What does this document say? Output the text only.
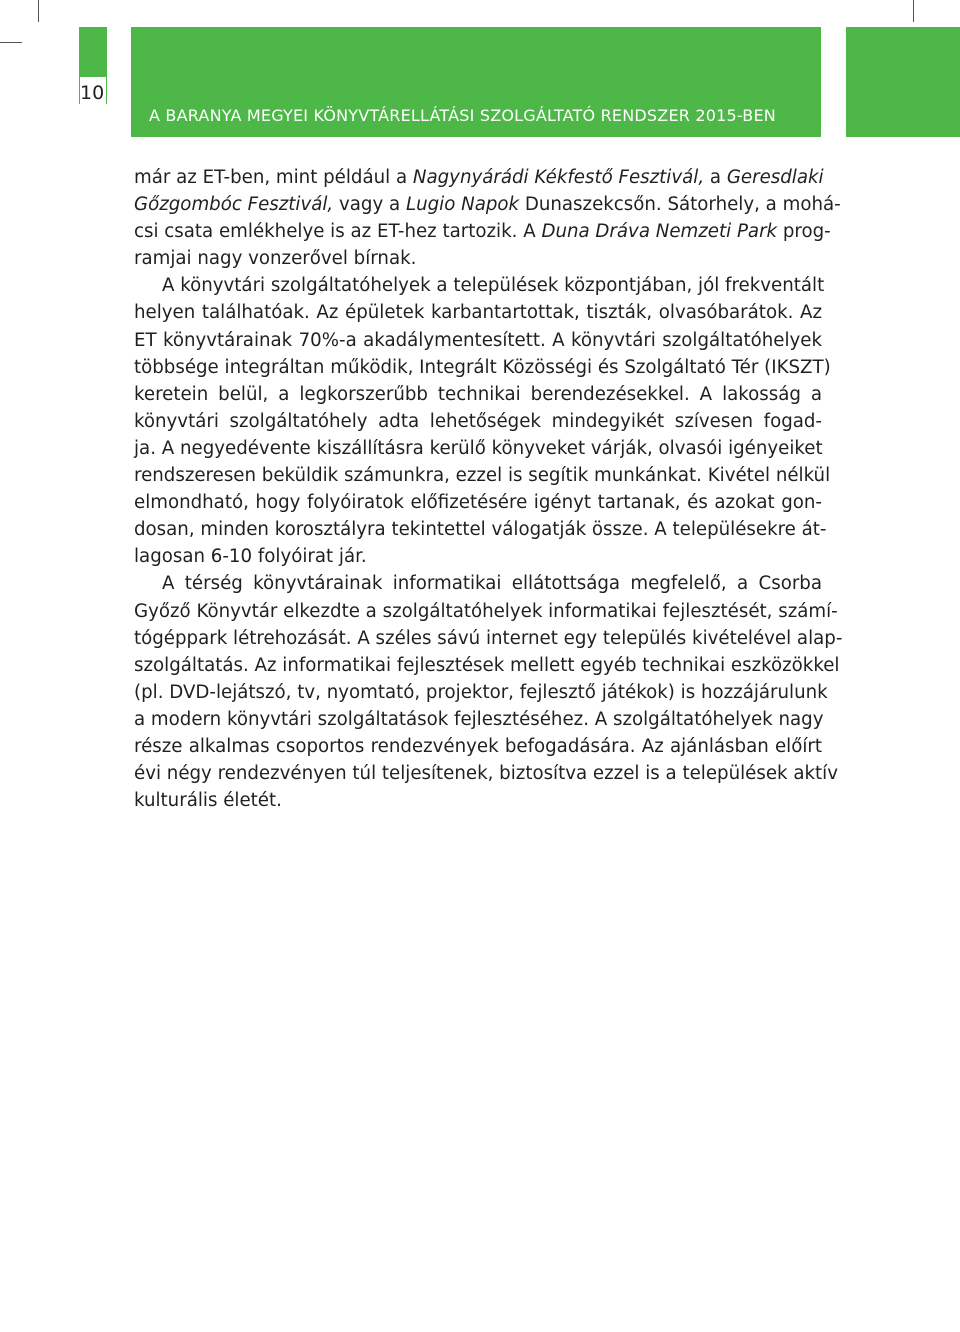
10
A BARANYA MEGYEI KÖNYVTÁRELLÁTÁSI SZOLGÁLTATÓ RENDSZER 2015-BEN
már az ET-ben, mint például a Nagynyárádi Kékfestő Fesztivál, a Geresdlaki
Gőzgombóc Fesztivál, vagy a Lugio Napok Dunaszekcsőn. Sátorhely, a mohá-
csi csata emlékhelye is az ET-hez tartozik. A Duna Dráva Nemzeti Park prog-
ramjai nagy vonzerővel bírnak.
A könyvtári szolgáltatóhelyek a települések központjában, jól frekventált
helyen találhatóak. Az épületek karbantartottak, tiszták, olvasóbarátok. Az
ET könyvtárainak 70%-a akadálymentesített. A könyvtári szolgáltatóhelyek
többsége integráltan működik, Integrált Közösségi és Szolgáltató Tér (IKSZT)
keretein belül, a legkorszerűbb technikai berendezésekkel. A lakosság a
könyvtári szolgáltatóhely adta lehetőségek mindegyikét szívesen fogad-
ja. A negyedévente kiszállításra kerülő könyveket várják, olvasói igényeiket
rendszeresen beküldik számunkra, ezzel is segítik munkánkat. Kivétel nélkül
elmondható, hogy folyóiratok előfizetésére igényt tartanak, és azokat gon-
dosan, minden korosztályra tekintettel válogatják össze. A településekre át-
lagosan 6-10 folyóirat jár.
A térség könyvtárainak informatikai ellátottsága megfelelő, a Csorba
Győző Könyvtár elkezdte a szolgáltatóhelyek informatikai fejlesztését, számí-
tógéppark létrehozását. A széles sávú internet egy település kivételével alap-
szolgáltatás. Az informatikai fejlesztések mellett egyéb technikai eszközökkel
(pl. DVD-lejátszó, tv, nyomtató, projektor, fejlesztő játékok) is hozzájárulunk
a modern könyvtári szolgáltatások fejlesztéséhez. A szolgáltatóhelyek nagy
része alkalmas csoportos rendezvények befogadására. Az ajánlásban előírt
évi négy rendezvényen túl teljesítenek, biztosítva ezzel is a települések aktív
kulturális életét.
